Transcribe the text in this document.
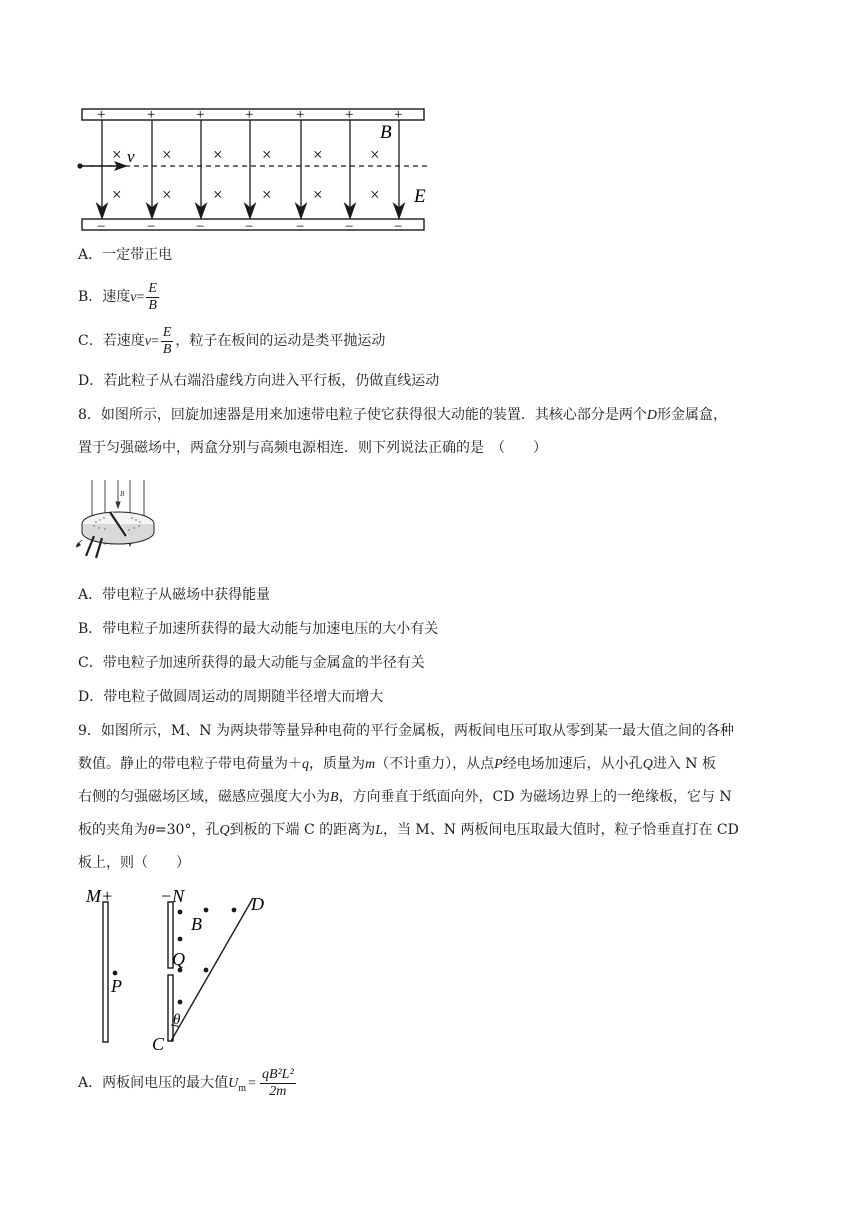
× × × × ×	×
× × × × ×	×
+
−
+
−
+
−
+
−
+
−
+
−
+
−
B
E
v
A．一定带正电
B．速度$v= \frac{E}{B}$
C．若速度$v= \frac{E}{B}$ ，粒子在板间的运动是类平抛运动
D．若此粒子从右端沿虚线方向进入平行板，仍做直线运动
8．如图所示，回旋加速器是用来加速带电粒子使它获得很大动能的装置．其核心部分是两个D形金属盒，
置于匀强磁场中，两盒分别与高频电源相连．则下列说法正确的是　（　　）
B
A．带电粒子从磁场中获得能量
B．带电粒子加速所获得的最大动能与加速电压的大小有关
C．带电粒子加速所获得的最大动能与金属盒的半径有关
D．带电粒子做圆周运动的周期随半径增大而增大
9．如图所示，M、N 为两块带等量异种电荷的平行金属板，两板间电压可取从零到某一最大值之间的各种
数值。静止的带电粒子带电荷量为＋q，质量为m（不计重力），从点P经电场加速后，从小孔Q进入 N 板
右侧的匀强磁场区域，磁感应强度大小为B，方向垂直于纸面向外，CD 为磁场边界上的一绝缘板，它与 N
板的夹角为θ=30°，孔Q到板的下端 C 的距离为L，当 M、N 两板间电压取最大值时，粒子恰垂直打在 CD
板上，则（　　）
M+	−N
B
D
Q
P
θ
C
A．两板间电压的最大值$U_m = \frac{\text{qB²L²}}{2m}$
